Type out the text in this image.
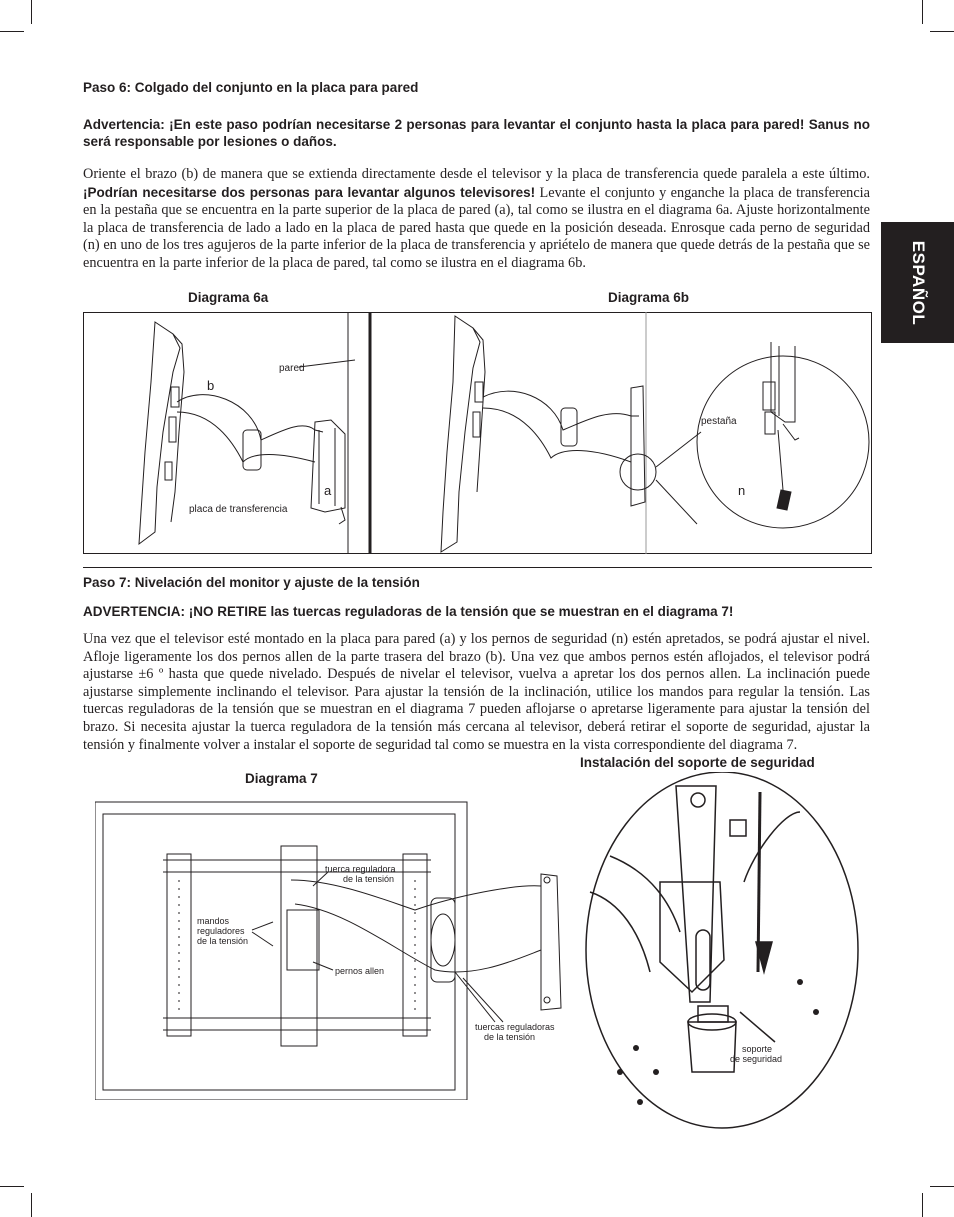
ESPAÑOL
Paso 6: Colgado del conjunto en la placa para pared
Advertencia: ¡En este paso podrían necesitarse 2 personas para levantar el conjunto hasta la placa para pared! Sanus no será responsable por lesiones o daños.
Oriente el brazo (b) de manera que se extienda directamente desde el televisor y la placa de transferencia quede paralela a este último. ¡Podrían necesitarse dos personas para levantar algunos televisores! Levante el conjunto y enganche la placa de transferencia en la pestaña que se encuentra en la parte superior de la placa de pared (a), tal como se ilustra en el diagrama 6a. Ajuste horizontalmente la placa de transferencia de lado a lado en la placa de pared hasta que quede en la posición deseada. Enrosque cada perno de seguridad (n) en uno de los tres agujeros de la parte inferior de la placa de transferencia y apriételo de manera que quede detrás de la pestaña que se encuentra en la parte inferior de la placa de pared, tal como se ilustra en el diagrama 6b.
Diagrama 6a	Diagrama 6b
pared
b
a
placa de transferencia
pestaña
n
Paso 7: Nivelación del monitor y ajuste de la tensión
ADVERTENCIA: ¡NO RETIRE las tuercas reguladoras de la tensión que se muestran en el diagrama 7!
Una vez que el televisor esté montado en la placa para pared (a) y los pernos de seguridad (n) estén apretados, se podrá ajustar el nivel. Afloje ligeramente los dos pernos allen de la parte trasera del brazo (b). Una vez que ambos pernos estén aflojados, el televisor podrá ajustarse ±6 º hasta que quede nivelado. Después de nivelar el televisor, vuelva a apretar los dos pernos allen. La inclinación puede ajustarse simplemente inclinando el televisor. Para ajustar la tensión de la inclinación, utilice los mandos para regular la tensión. Las tuercas reguladoras de la tensión que se muestran en el diagrama 7 pueden aflojarse o apretarse ligeramente para ajustar la tensión del brazo. Si necesita ajustar la tuerca reguladora de la tensión más cercana al televisor, deberá retirar el soporte de seguridad, ajustar la tensión y finalmente volver a instalar el soporte de seguridad tal como se muestra en la vista correspondiente del diagrama 7.
Diagrama 7
Instalación del soporte de seguridad
tuerca reguladora
de la tensión
mandos
reguladores
de la tensión
pernos allen
tuercas reguladoras
de la tensión
soporte
de seguridad
